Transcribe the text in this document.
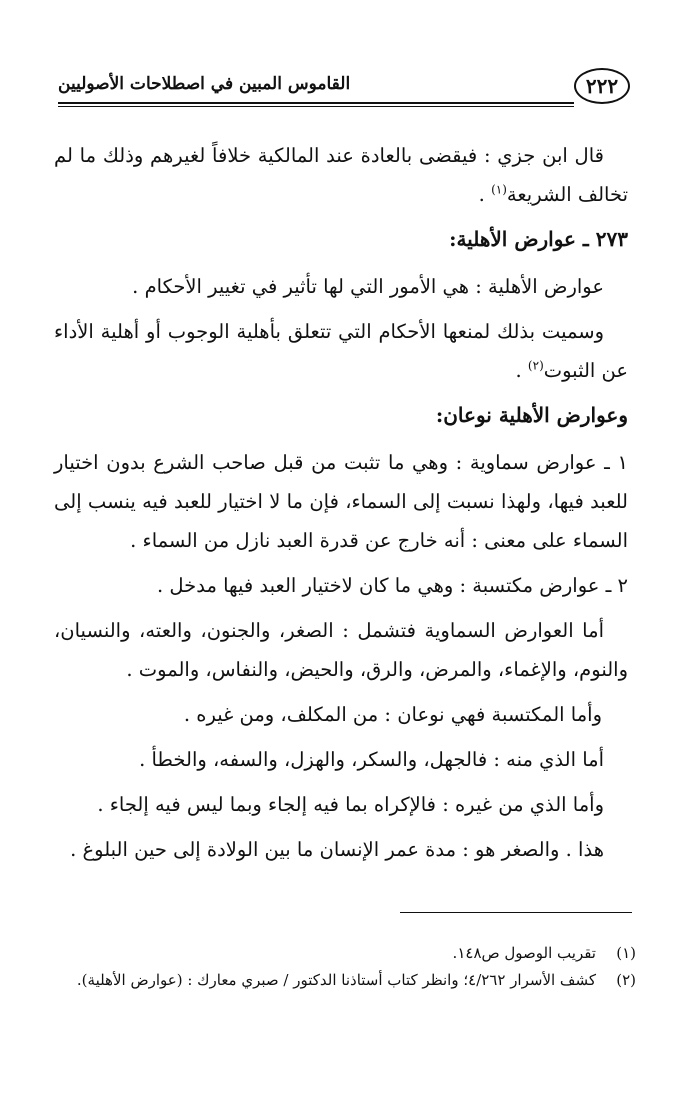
٢٢٢
القاموس المبين في اصطلاحات الأصوليين

قال ابن جزي : فيقضى بالعادة عند المالكية خلافاً لغيرهم وذلك ما لم تخالف الشريعة$^{(١)}$ .

٢٧٣ ـ عوارض الأهلية:

عوارض الأهلية : هي الأمور التي لها تأثير في تغيير الأحكام .

وسميت بذلك لمنعها الأحكام التي تتعلق بأهلية الوجوب أو أهلية الأداء عن الثبوت$^{(٢)}$ .

وعوارض الأهلية نوعان:

١ ـ عوارض سماوية : وهي ما تثبت من قبل صاحب الشرع بدون اختيار للعبد فيها، ولهذا نسبت إلى السماء، فإن ما لا اختيار للعبد فيه ينسب إلى السماء على معنى : أنه خارج عن قدرة العبد نازل من السماء .

٢ ـ عوارض مكتسبة : وهي ما كان لاختيار العبد فيها مدخل .

أما العوارض السماوية فتشمل : الصغر، والجنون، والعته، والنسيان، والنوم، والإغماء، والمرض، والرق، والحيض، والنفاس، والموت .

وأما المكتسبة فهي نوعان : من المكلف، ومن غيره .

أما الذي منه : فالجهل، والسكر، والهزل، والسفه، والخطأ .

وأما الذي من غيره : فالإكراه بما فيه إلجاء وبما ليس فيه إلجاء .

هذا . والصغر هو : مدة عمر الإنسان ما بين الولادة إلى حين البلوغ .

(١)
تقريب الوصول ص١٤٨.
(٢)
كشف الأسرار ٤/٢٦٢؛ وانظر كتاب أستاذنا الدكتور / صبري معارك : (عوارض الأهلية).
